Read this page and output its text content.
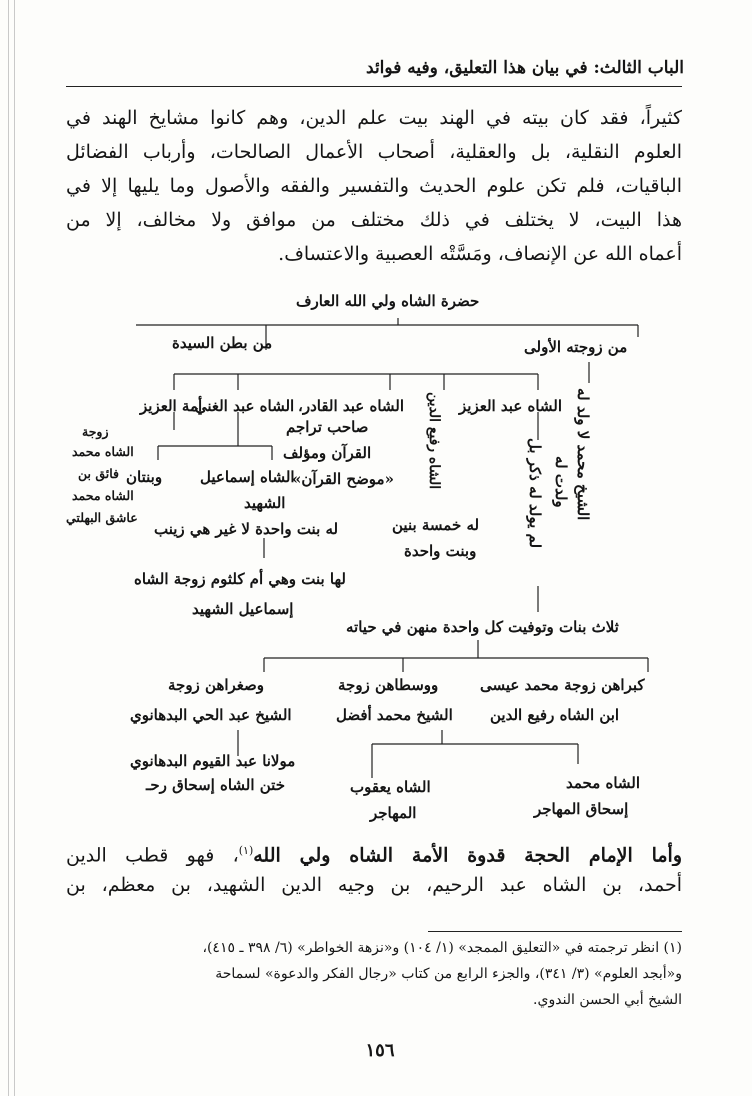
الباب الثالث: في بيان هذا التعليق، وفيه فوائد
كثيراً، فقد كان بيته في الهند بيت علم الدين، وهم كانوا مشايخ الهند في
العلوم النقلية، بل والعقلية، أصحاب الأعمال الصالحات، وأرباب الفضائل
الباقيات، فلم تكن علوم الحديث والتفسير والفقه والأصول وما يليها إلا في
هذا البيت، لا يختلف في ذلك مختلف من موافق ولا مخالف، إلا من
أعماه الله عن الإنصاف، ومَسَّتْه العصبية والاعتساف.
حضرة الشاه ولي الله العارف
من زوجته الأولى
من بطن السيدة
الشيخ محمد لا ولد له
الشاه عبد العزيز
الشاه رفيع الدين
الشاه عبد القادر،
الشاه عبد الغني،
أمة العزيز
لم يولد له ذكر بل ولدت له
له خمسة بنين
وبنت واحدة
صاحب تراجم
القرآن ومؤلف
«موضح القرآن»
له بنت واحدة لا غير هي زينب
الشاه إسماعيل
الشهيد
وبنتان
لها بنت وهي أم كلثوم زوجة الشاه
إسماعيل الشهيد
زوجة
الشاه محمد
فائق بن
الشاه محمد
عاشق البهلتي
ثلاث بنات وتوفيت كل واحدة منهن في حياته
كبراهن زوجة محمد عيسى
ابن الشاه رفيع الدين
ووسطاهن زوجة
الشيخ محمد أفضل
وصغراهن زوجة
الشيخ عبد الحي البدهانوي
مولانا عبد القيوم البدهانوي
ختن الشاه إسحاق رحـ	الشاه محمد
إسحاق المهاجر
الشاه يعقوب
المهاجر
وأما الإمام الحجة قدوة الأمة الشاه ولي الله$^{(١)}$، فهو قطب الدين
أحمد، بن الشاه عبد الرحيم، بن وجيه الدين الشهيد، بن معظم، بن
(١) انظر ترجمته في «التعليق الممجد» (١/ ١٠٤) و«نزهة الخواطر» (٦/ ٣٩٨ ـ ٤١٥)،
و«أبجد العلوم» (٣/ ٣٤١)، والجزء الرابع من كتاب «رجال الفكر والدعوة» لسماحة
الشيخ أبي الحسن الندوي.
١٥٦
